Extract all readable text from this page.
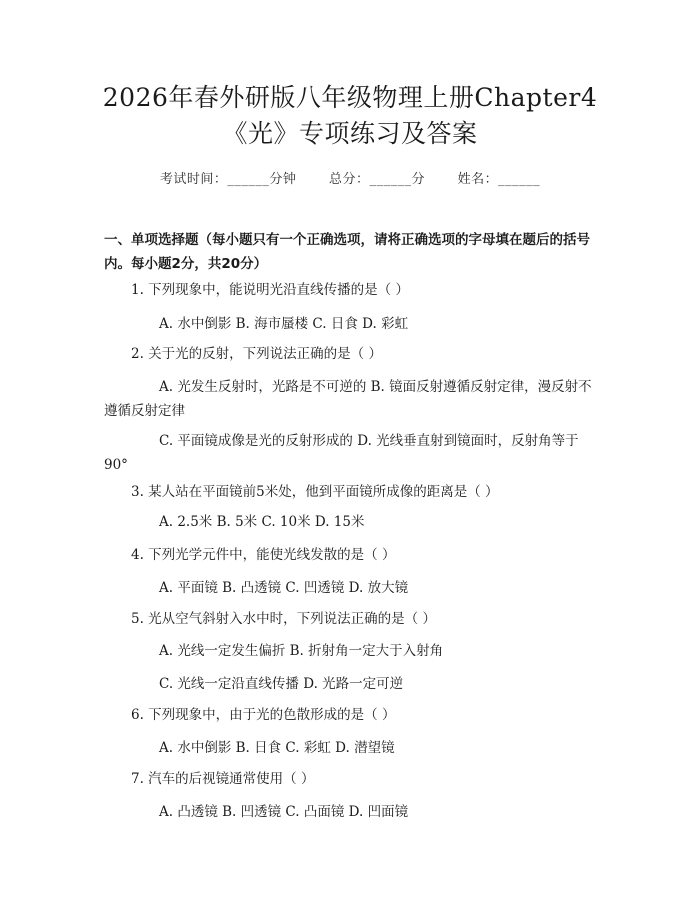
2026年春外研版八年级物理上册Chapter4
《光》专项练习及答案
考试时间：______分钟	总分：______分	姓名：______
一、单项选择题（每小题只有一个正确选项，请将正确选项的字母填在题后的括号内。每小题2分，共20分）
1. 下列现象中，能说明光沿直线传播的是（ ）
A. 水中倒影 B. 海市蜃楼 C. 日食 D. 彩虹
2. 关于光的反射，下列说法正确的是（ ）
A. 光发生反射时，光路是不可逆的 B. 镜面反射遵循反射定律，漫反射不遵循反射定律
C. 平面镜成像是光的反射形成的 D. 光线垂直射到镜面时，反射角等于90°
3. 某人站在平面镜前5米处，他到平面镜所成像的距离是（ ）
A. 2.5米 B. 5米 C. 10米 D. 15米
4. 下列光学元件中，能使光线发散的是（ ）
A. 平面镜 B. 凸透镜 C. 凹透镜 D. 放大镜
5. 光从空气斜射入水中时，下列说法正确的是（ ）
A. 光线一定发生偏折 B. 折射角一定大于入射角
C. 光线一定沿直线传播 D. 光路一定可逆
6. 下列现象中，由于光的色散形成的是（ ）
A. 水中倒影 B. 日食 C. 彩虹 D. 潜望镜
7. 汽车的后视镜通常使用（ ）
A. 凸透镜 B. 凹透镜 C. 凸面镜 D. 凹面镜
